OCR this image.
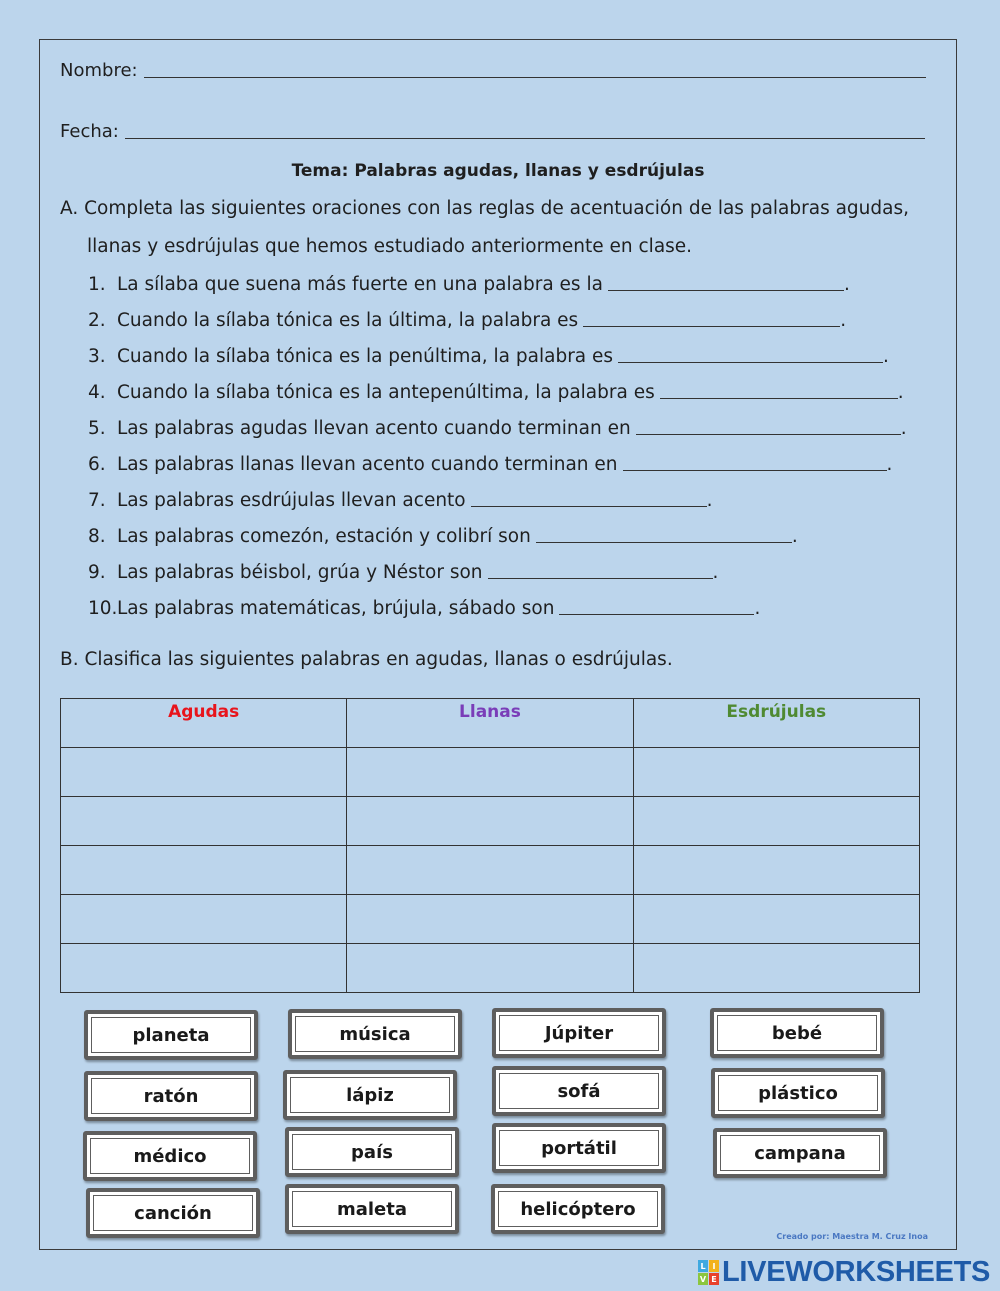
Nombre:
Fecha:
Tema: Palabras agudas, llanas y esdrújulas
A. Completa las siguientes oraciones con las reglas de acentuación de las palabras agudas,
llanas y esdrújulas que hemos estudiado anteriormente en clase.
1. La sílaba que suena más fuerte en una palabra es la	.
2. Cuando la sílaba tónica es la última, la palabra es	.
3. Cuando la sílaba tónica es la penúltima, la palabra es	.
4. Cuando la sílaba tónica es la antepenúltima, la palabra es	.
5. Las palabras agudas llevan acento cuando terminan en	.
6. Las palabras llanas llevan acento cuando terminan en	.
7. Las palabras esdrújulas llevan acento	.
8. Las palabras comezón, estación y colibrí son	.
9. Las palabras béisbol, grúa y Néstor son	.
10. Las palabras matemáticas, brújula, sábado son	.
B. Clasifica las siguientes palabras en agudas, llanas o esdrújulas.
Agudas	Llanas	Esdrújulas

planeta	música	Júpiter	bebé
ratón	lápiz	sofá	plástico
médico	país	portátil	campana
canción	maleta	helicóptero
Creado por: Maestra M. Cruz Inoa
L I
V E LIVEWORKSHEETS
